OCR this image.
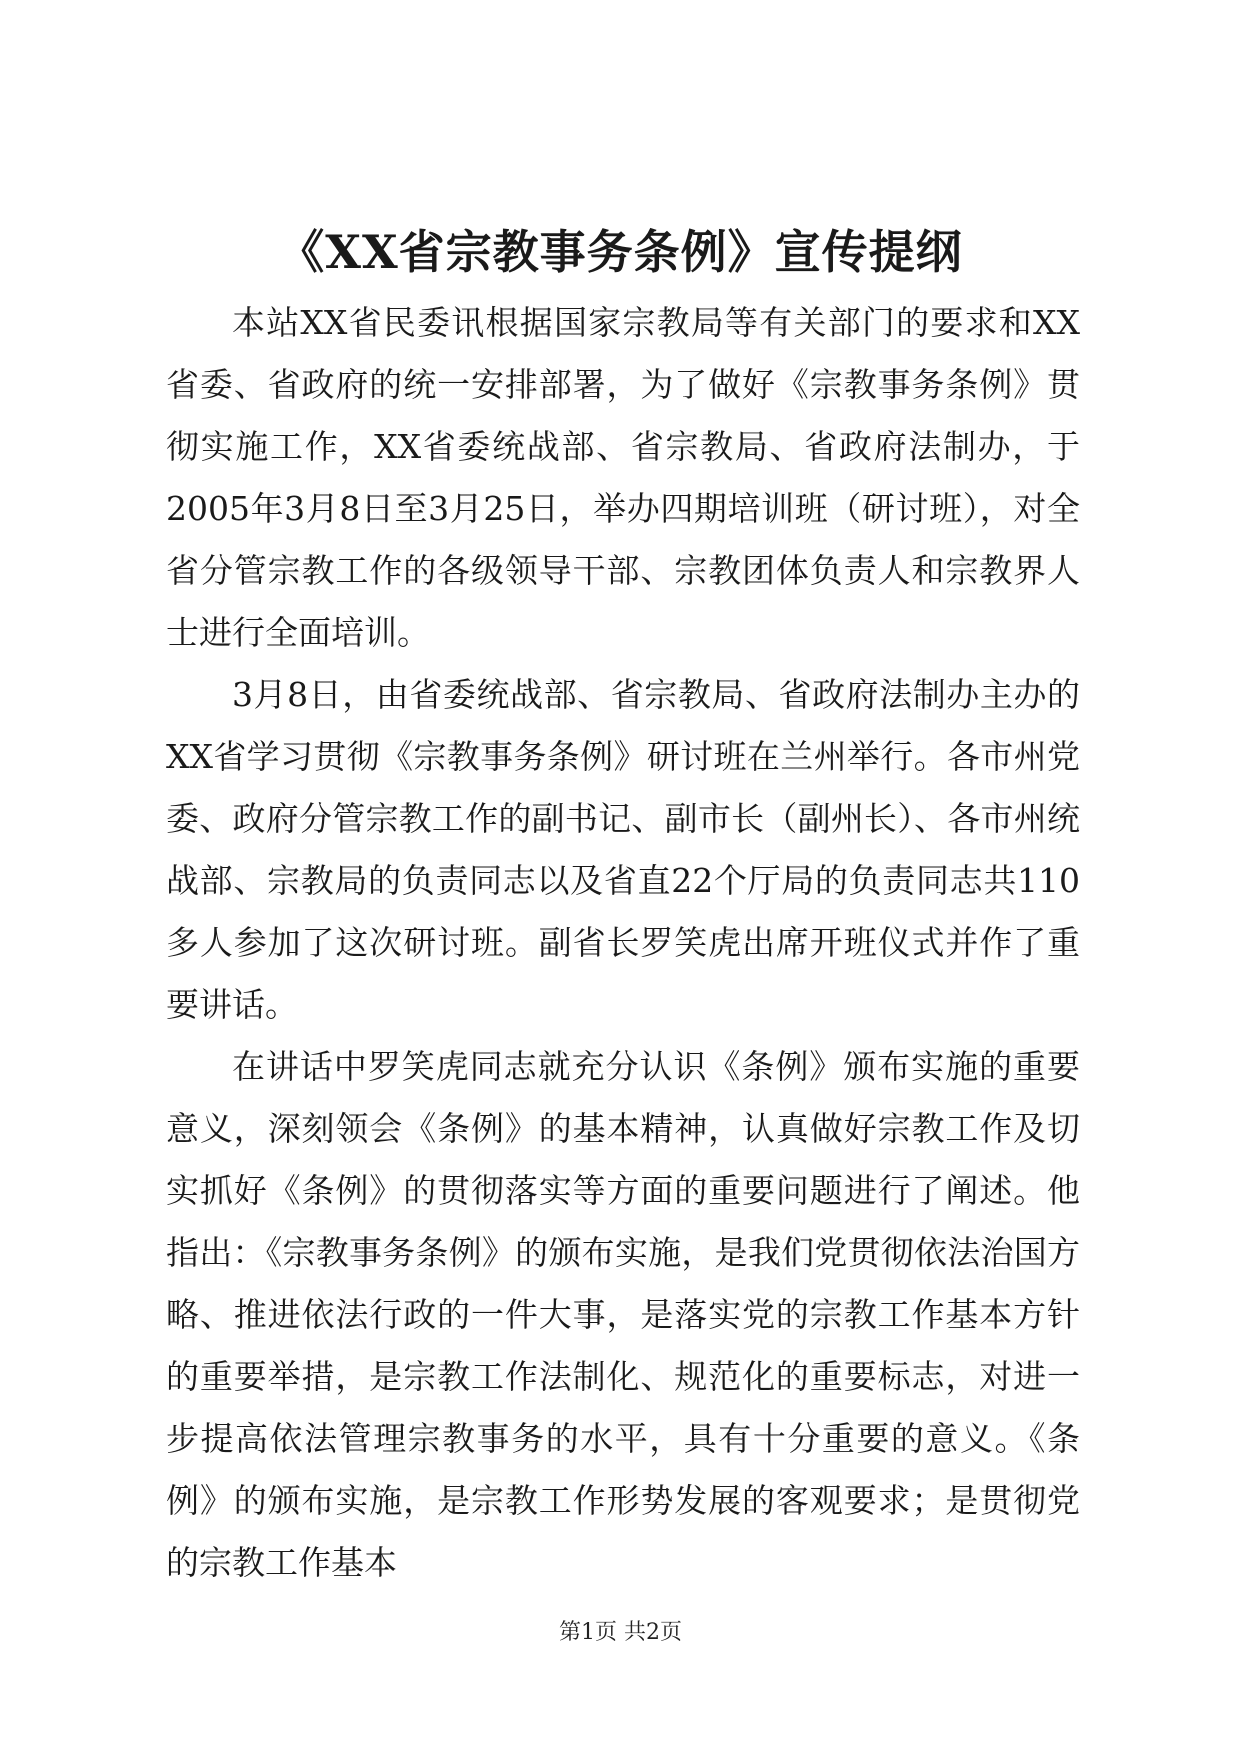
《XX省宗教事务条例》宣传提纲

本站XX省民委讯根据国家宗教局等有关部门的要求和XX省委、省政府的统一安排部署，为了做好《宗教事务条例》贯彻实施工作，XX省委统战部、省宗教局、省政府法制办，于2005年3月8日至3月25日，举办四期培训班（研讨班），对全省分管宗教工作的各级领导干部、宗教团体负责人和宗教界人士进行全面培训。

3月8日，由省委统战部、省宗教局、省政府法制办主办的XX省学习贯彻《宗教事务条例》研讨班在兰州举行。各市州党委、政府分管宗教工作的副书记、副市长（副州长）、各市州统战部、宗教局的负责同志以及省直22个厅局的负责同志共110多人参加了这次研讨班。副省长罗笑虎出席开班仪式并作了重要讲话。

在讲话中罗笑虎同志就充分认识《条例》颁布实施的重要意义，深刻领会《条例》的基本精神，认真做好宗教工作及切实抓好《条例》的贯彻落实等方面的重要问题进行了阐述。他指出：《宗教事务条例》的颁布实施，是我们党贯彻依法治国方略、推进依法行政的一件大事，是落实党的宗教工作基本方针的重要举措，是宗教工作法制化、规范化的重要标志，对进一步提高依法管理宗教事务的水平，具有十分重要的意义。《条例》的颁布实施，是宗教工作形势发展的客观要求；是贯彻党的宗教工作基本

第1页 共2页
